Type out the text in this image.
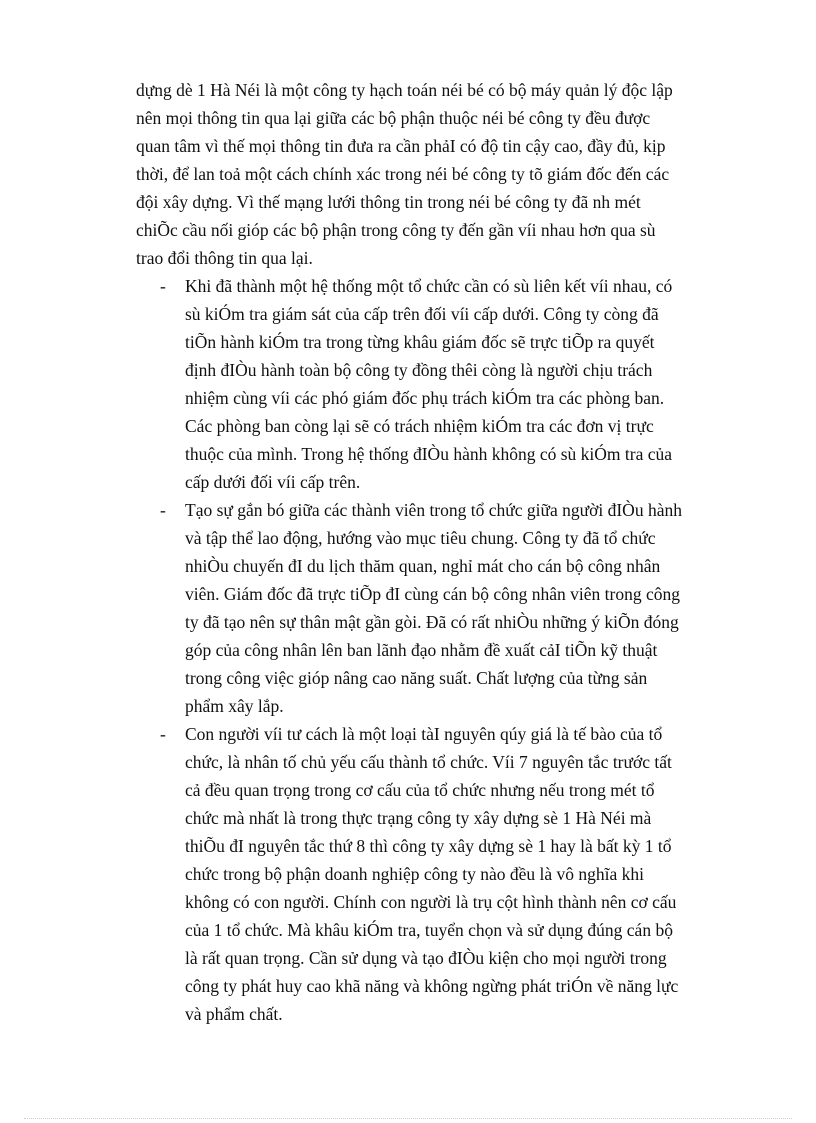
dựng dè 1 Hà Néi là một công ty hạch toán néi bé có bộ máy quản lý độc lập
nên mọi thông tin qua lại giữa các bộ phận thuộc néi bé công ty đều được
quan tâm vì thế mọi thông tin đưa ra cần phảI có độ tin cậy cao, đầy đủ, kịp
thời, để lan toả một cách chính xác trong néi bé công ty tõ giám đốc đến các
đội xây dựng. Vì thế mạng lưới thông tin trong néi bé công ty đã nh mét
chiÕc cầu nối gióp các bộ phận trong công ty đến gần víi nhau hơn qua sù
trao đổi thông tin qua lại.

- Khi đã thành một hệ thống một tổ chức cần có sù liên kết víi nhau, có
sù kiÓm tra giám sát của cấp trên đối víi cấp dưới. Công ty còng đã
tiÕn hành kiÓm tra trong từng khâu giám đốc sẽ trực tiÕp ra quyết
định đIÒu hành toàn bộ công ty đồng thêi còng là người chịu trách
nhiệm cùng víi các phó giám đốc phụ trách kiÓm tra các phòng ban.
Các phòng ban còng lại sẽ có trách nhiệm kiÓm tra các đơn vị trực
thuộc của mình. Trong hệ thống đIÒu hành không có sù kiÓm tra của
cấp dưới đối víi cấp trên.
- Tạo sự gắn bó giữa các thành viên trong tổ chức giữa người đIÒu hành
và tập thể lao động, hướng vào mục tiêu chung. Công ty đã tổ chức
nhiÒu chuyến đI du lịch thăm quan, nghỉ mát cho cán bộ công nhân
viên. Giám đốc đã trực tiÕp đI cùng cán bộ công nhân viên trong công
ty đã tạo nên sự thân mật gần gòi. Đã có rất nhiÒu những ý kiÕn đóng
góp của công nhân lên ban lãnh đạo nhằm đề xuất cảI tiÕn kỹ thuật
trong công việc gióp nâng cao năng suất. Chất lượng của từng sản
phẩm xây lắp.
- Con người víi tư cách là một loại tàI nguyên qúy giá là tế bào của tổ
chức, là nhân tố chủ yếu cấu thành tổ chức. Víi 7 nguyên tắc trước tất
cả đều quan trọng trong cơ cấu của tổ chức nhưng nếu trong mét tổ
chức mà nhất là trong thực trạng công ty xây dựng sè 1 Hà Néi mà
thiÕu đI nguyên tắc thứ 8 thì công ty xây dựng sè 1 hay là bất kỳ 1 tổ
chức trong bộ phận doanh nghiệp công ty nào đều là vô nghĩa khi
không có con người. Chính con người là trụ cột hình thành nên cơ cấu
của 1 tổ chức. Mà khâu kiÓm tra, tuyển chọn và sử dụng đúng cán bộ
là rất quan trọng. Cần sử dụng và tạo đIÒu kiện cho mọi người trong
công ty phát huy cao khã năng và không ngừng phát triÓn về năng lực
và phẩm chất.
